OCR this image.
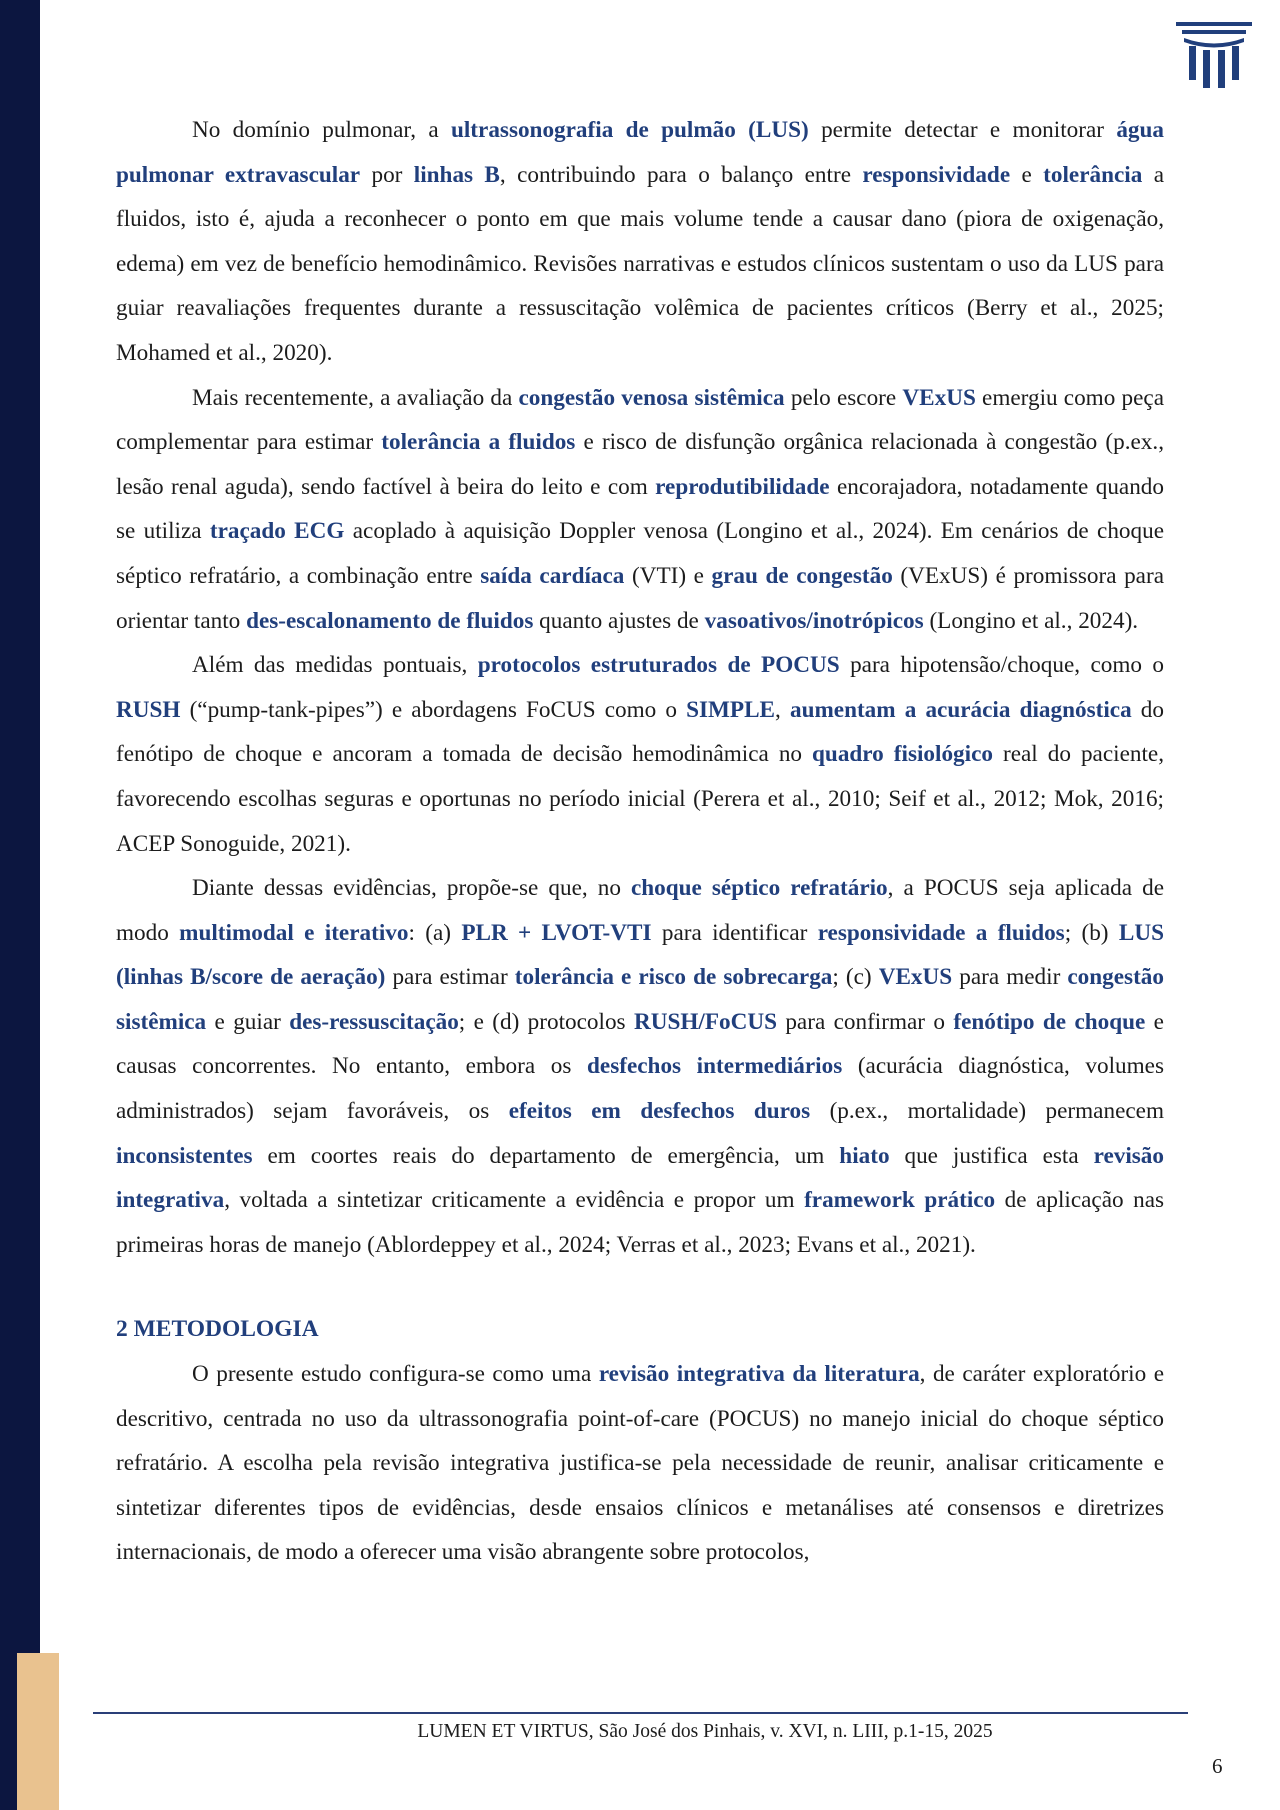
No domínio pulmonar, a ultrassonografia de pulmão (LUS) permite detectar e monitorar água pulmonar extravascular por linhas B, contribuindo para o balanço entre responsividade e tolerância a fluidos, isto é, ajuda a reconhecer o ponto em que mais volume tende a causar dano (piora de oxigenação, edema) em vez de benefício hemodinâmico. Revisões narrativas e estudos clínicos sustentam o uso da LUS para guiar reavaliações frequentes durante a ressuscitação volêmica de pacientes críticos (Berry et al., 2025; Mohamed et al., 2020).

Mais recentemente, a avaliação da congestão venosa sistêmica pelo escore VExUS emergiu como peça complementar para estimar tolerância a fluidos e risco de disfunção orgânica relacionada à congestão (p.ex., lesão renal aguda), sendo factível à beira do leito e com reprodutibilidade encorajadora, notadamente quando se utiliza traçado ECG acoplado à aquisição Doppler venosa (Longino et al., 2024). Em cenários de choque séptico refratário, a combinação entre saída cardíaca (VTI) e grau de congestão (VExUS) é promissora para orientar tanto des-escalonamento de fluidos quanto ajustes de vasoativos/inotrópicos (Longino et al., 2024).

Além das medidas pontuais, protocolos estruturados de POCUS para hipotensão/choque, como o RUSH (“pump-tank-pipes”) e abordagens FoCUS como o SIMPLE, aumentam a acurácia diagnóstica do fenótipo de choque e ancoram a tomada de decisão hemodinâmica no quadro fisiológico real do paciente, favorecendo escolhas seguras e oportunas no período inicial (Perera et al., 2010; Seif et al., 2012; Mok, 2016; ACEP Sonoguide, 2021).

Diante dessas evidências, propõe-se que, no choque séptico refratário, a POCUS seja aplicada de modo multimodal e iterativo: (a) PLR + LVOT-VTI para identificar responsividade a fluidos; (b) LUS (linhas B/score de aeração) para estimar tolerância e risco de sobrecarga; (c) VExUS para medir congestão sistêmica e guiar des-ressuscitação; e (d) protocolos RUSH/FoCUS para confirmar o fenótipo de choque e causas concorrentes. No entanto, embora os desfechos intermediários (acurácia diagnóstica, volumes administrados) sejam favoráveis, os efeitos em desfechos duros (p.ex., mortalidade) permanecem inconsistentes em coortes reais do departamento de emergência, um hiato que justifica esta revisão integrativa, voltada a sintetizar criticamente a evidência e propor um framework prático de aplicação nas primeiras horas de manejo (Ablordeppey et al., 2024; Verras et al., 2023; Evans et al., 2021).

2 METODOLOGIA

O presente estudo configura-se como uma revisão integrativa da literatura, de caráter exploratório e descritivo, centrada no uso da ultrassonografia point-of-care (POCUS) no manejo inicial do choque séptico refratário. A escolha pela revisão integrativa justifica-se pela necessidade de reunir, analisar criticamente e sintetizar diferentes tipos de evidências, desde ensaios clínicos e metanálises até consensos e diretrizes internacionais, de modo a oferecer uma visão abrangente sobre protocolos,

LUMEN ET VIRTUS, São José dos Pinhais, v. XVI, n. LIII, p.1-15, 2025
6
